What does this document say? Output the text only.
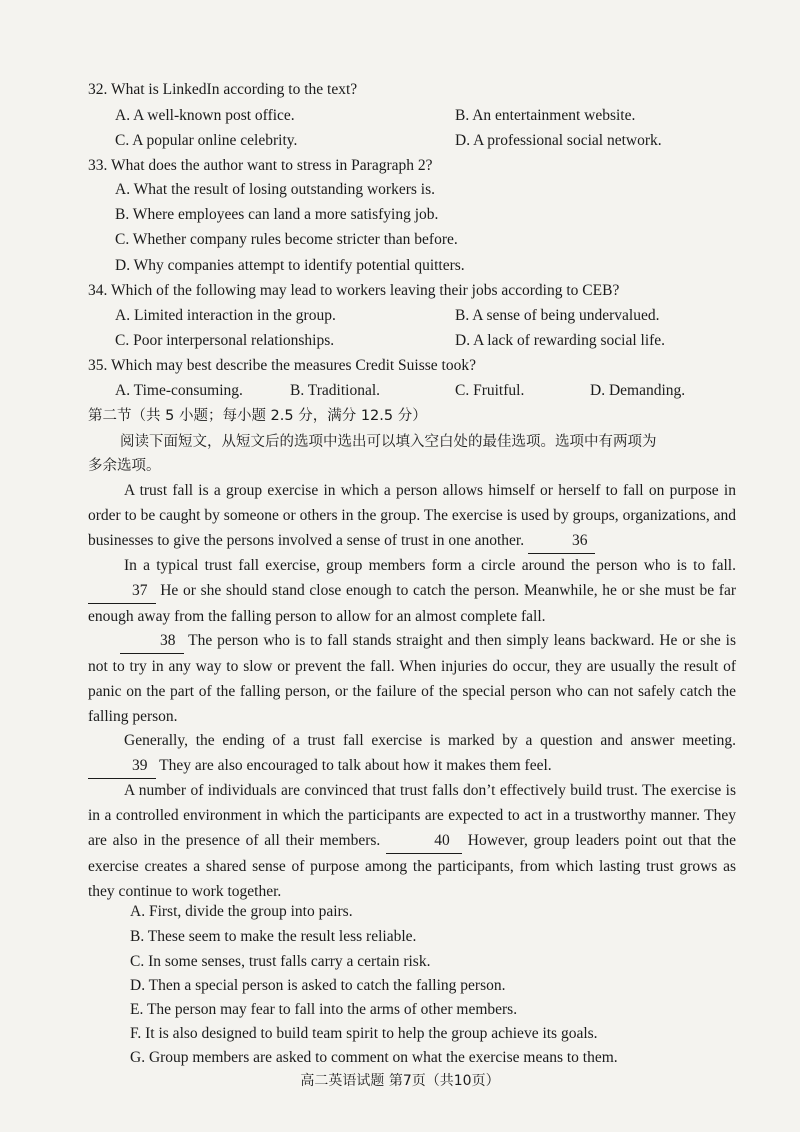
32. What is LinkedIn according to the text?
A. A well-known post office.	B. An entertainment website.
C. A popular online celebrity.	D. A professional social network.
33. What does the author want to stress in Paragraph 2?
A. What the result of losing outstanding workers is.
B. Where employees can land a more satisfying job.
C. Whether company rules become stricter than before.
D. Why companies attempt to identify potential quitters.
34. Which of the following may lead to workers leaving their jobs according to CEB?
A. Limited interaction in the group.	B. A sense of being undervalued.
C. Poor interpersonal relationships.	D. A lack of rewarding social life.
35. Which may best describe the measures Credit Suisse took?
A. Time-consuming.	B. Traditional.	C. Fruitful.	D. Demanding.
第二节（共 5 小题；每小题 2.5 分，满分 12.5 分）
阅读下面短文，从短文后的选项中选出可以填入空白处的最佳选项。选项中有两项为
多余选项。
A trust fall is a group exercise in which a person allows himself or herself to fall on purpose in order to be caught by someone or others in the group. The exercise is used by groups, organizations, and businesses to give the persons involved a sense of trust in one another.	36
In a typical trust fall exercise, group members form a circle around the person who is to fall. 37 He or she should stand close enough to catch the person. Meanwhile, he or she must be far enough away from the falling person to allow for an almost complete fall.
38 The person who is to fall stands straight and then simply leans backward. He or she is not to try in any way to slow or prevent the fall. When injuries do occur, they are usually the result of panic on the part of the falling person, or the failure of the special person who can not safely catch the falling person.
Generally, the ending of a trust fall exercise is marked by a question and answer meeting. 39 They are also encouraged to talk about how it makes them feel.
A number of individuals are convinced that trust falls don’t effectively build trust. The exercise is in a controlled environment in which the participants are expected to act in a trustworthy manner. They are also in the presence of all their members.	40 However, group leaders point out that the exercise creates a shared sense of purpose among the participants, from which lasting trust grows as they continue to work together.
A. First, divide the group into pairs.
B. These seem to make the result less reliable.
C. In some senses, trust falls carry a certain risk.
D. Then a special person is asked to catch the falling person.
E. The person may fear to fall into the arms of other members.
F. It is also designed to build team spirit to help the group achieve its goals.
G. Group members are asked to comment on what the exercise means to them.
高二英语试题 第7页（共10页）
